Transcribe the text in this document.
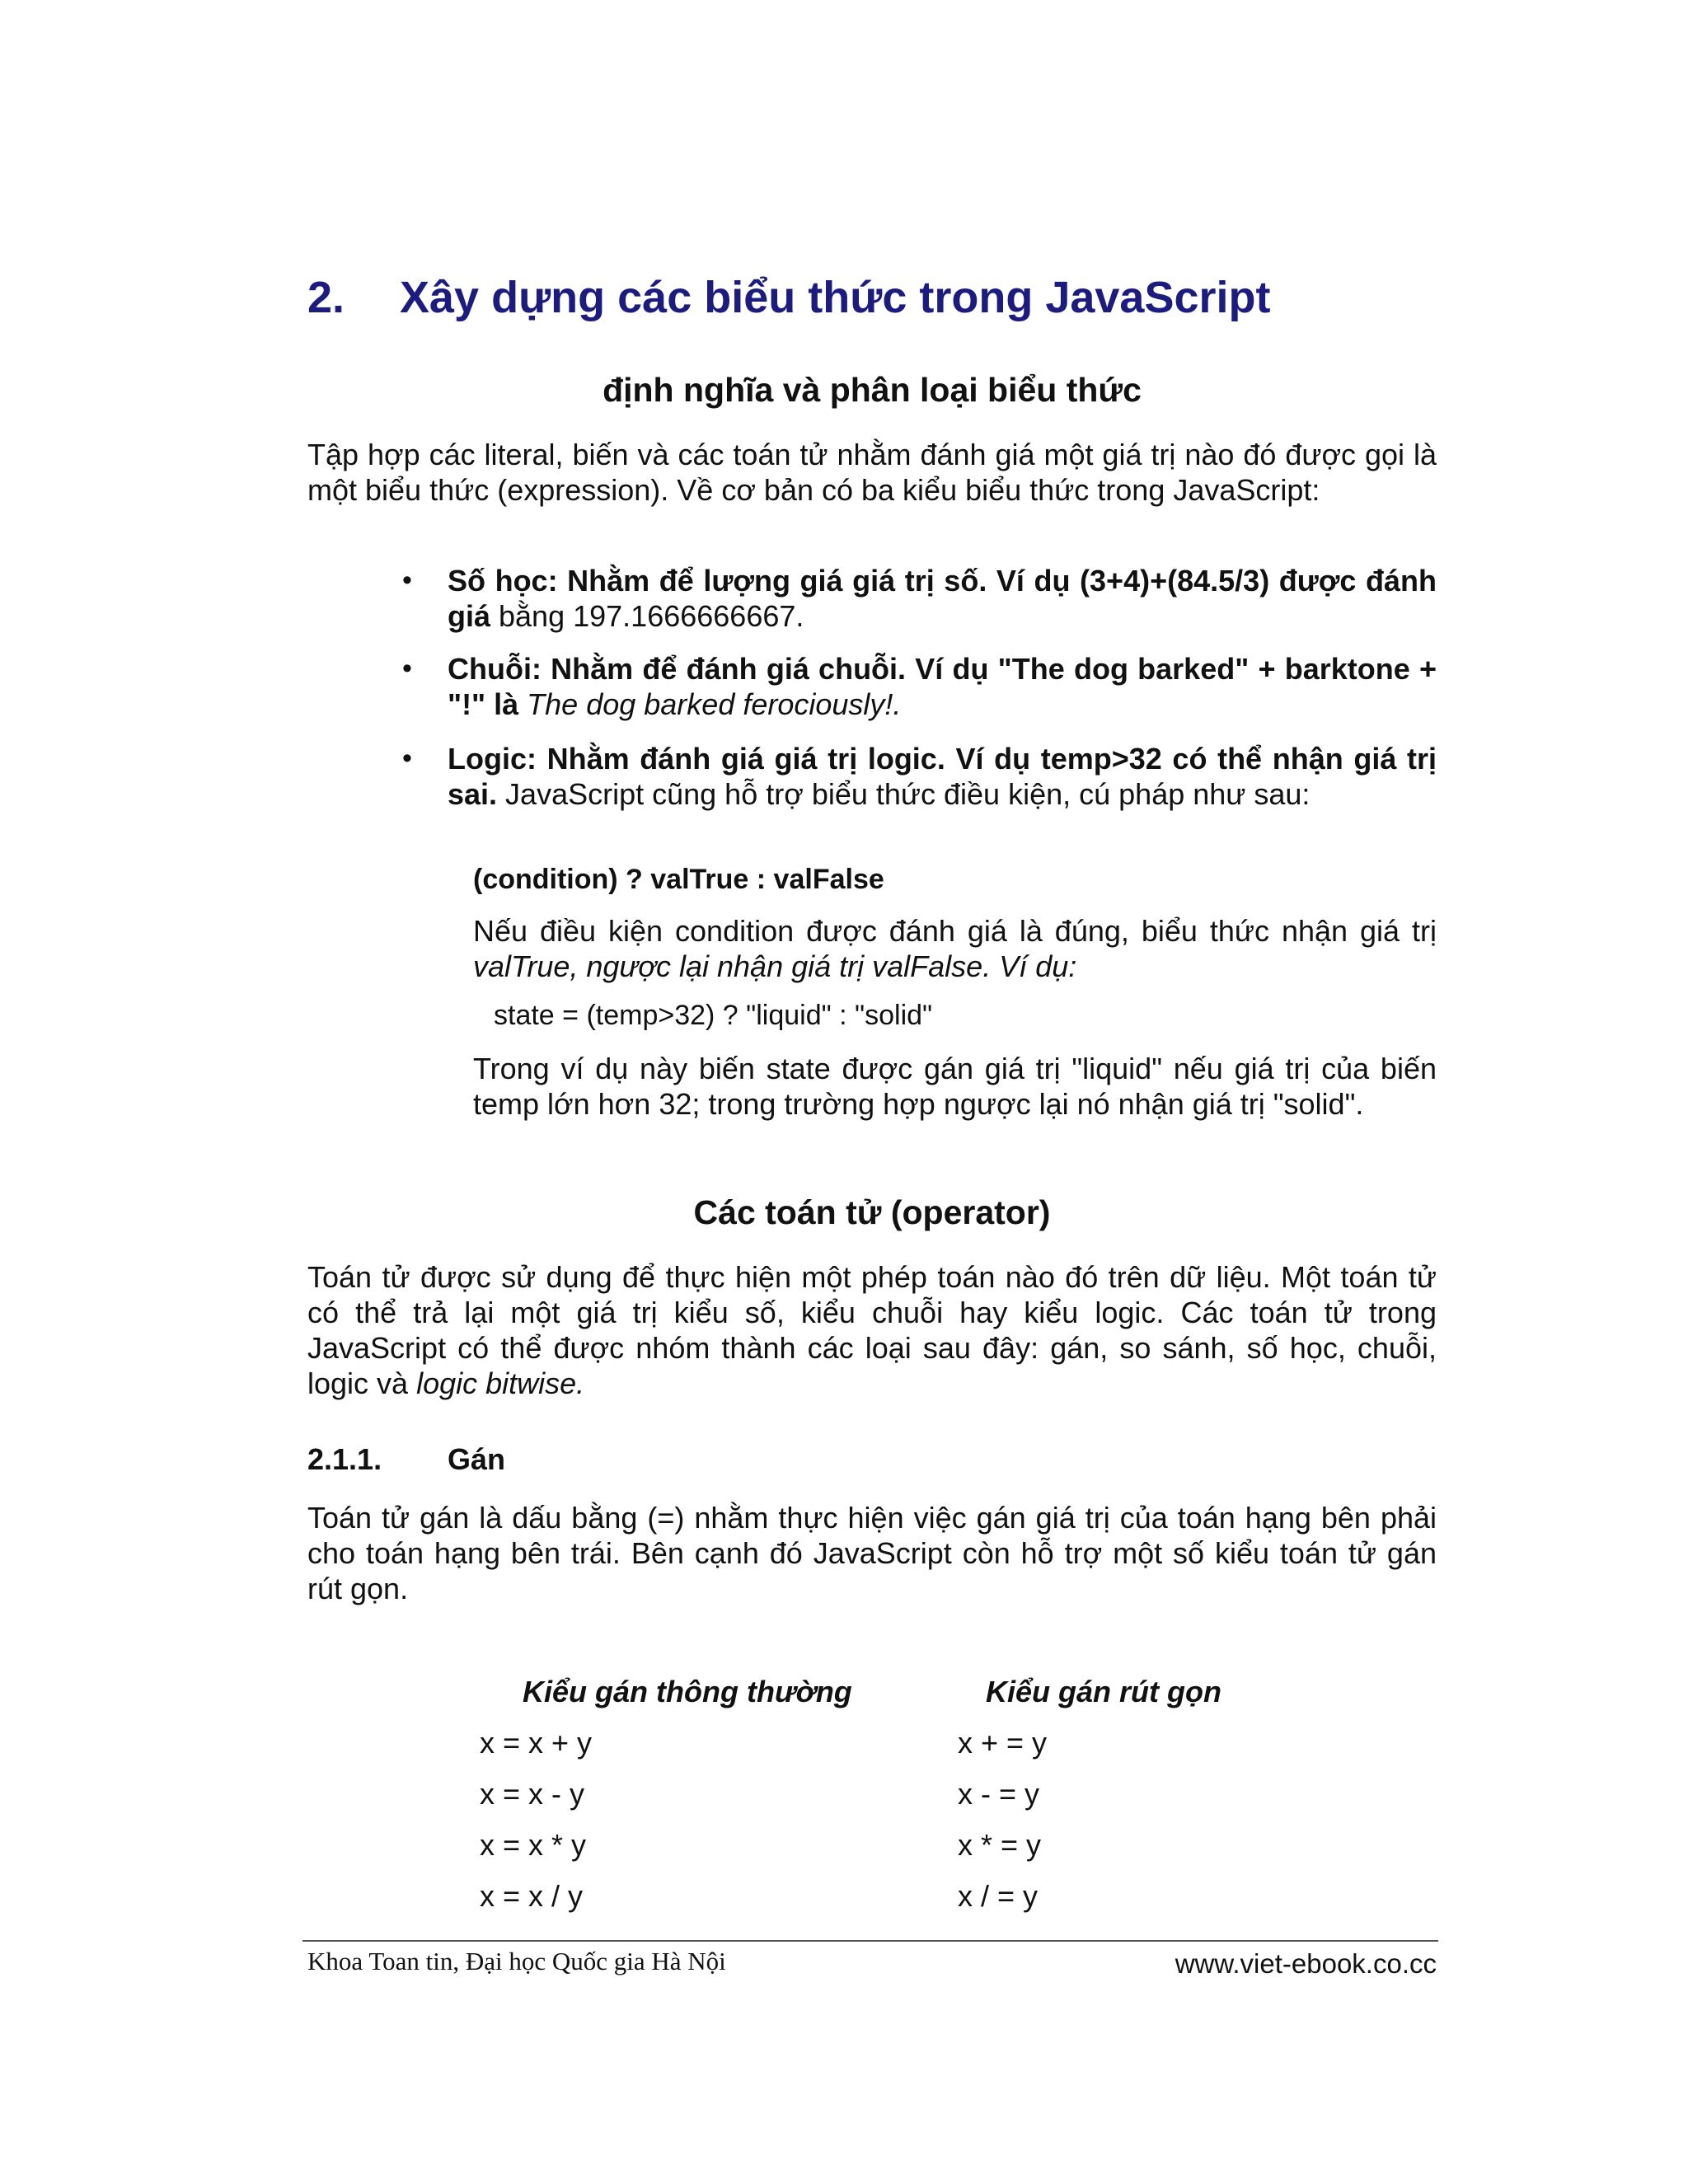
2. Xây dựng các biểu thức trong JavaScript
định nghĩa và phân loại biểu thức

Tập hợp các literal, biến và các toán tử nhằm đánh giá một giá trị nào đó được gọi là một biểu thức (expression). Về cơ bản có ba kiểu biểu thức trong JavaScript:

• Số học: Nhằm để lượng giá giá trị số. Ví dụ (3+4)+(84.5/3) được đánh giá bằng 197.1666666667.

• Chuỗi: Nhằm để đánh giá chuỗi. Ví dụ "The dog barked" + barktone + "!" là The dog barked ferociously!.

• Logic: Nhằm đánh giá giá trị logic. Ví dụ temp>32 có thể nhận giá trị sai. JavaScript cũng hỗ trợ biểu thức điều kiện, cú pháp như sau:

(condition) ? valTrue : valFalse

Nếu điều kiện condition được đánh giá là đúng, biểu thức nhận giá trị valTrue, ngược lại nhận giá trị valFalse. Ví dụ:

state = (temp>32) ? "liquid" : "solid"

Trong ví dụ này biến state được gán giá trị "liquid" nếu giá trị của biến temp lớn hơn 32; trong trường hợp ngược lại nó nhận giá trị "solid".

Các toán tử (operator)

Toán tử được sử dụng để thực hiện một phép toán nào đó trên dữ liệu. Một toán tử có thể trả lại một giá trị kiểu số, kiểu chuỗi hay kiểu logic. Các toán tử trong JavaScript có thể được nhóm thành các loại sau đây: gán, so sánh, số học, chuỗi, logic và logic bitwise.

2.1.1. Gán

Toán tử gán là dấu bằng (=) nhằm thực hiện việc gán giá trị của toán hạng bên phải cho toán hạng bên trái. Bên cạnh đó JavaScript còn hỗ trợ một số kiểu toán tử gán rút gọn.

Kiểu gán thông thường	Kiểu gán rút gọn
x = x + y	x + = y
x = x - y	x - = y
x = x * y	x * = y
x = x / y	x / = y
Khoa Toan tin, Đại học Quốc gia Hà Nội	www.viet-ebook.co.cc
